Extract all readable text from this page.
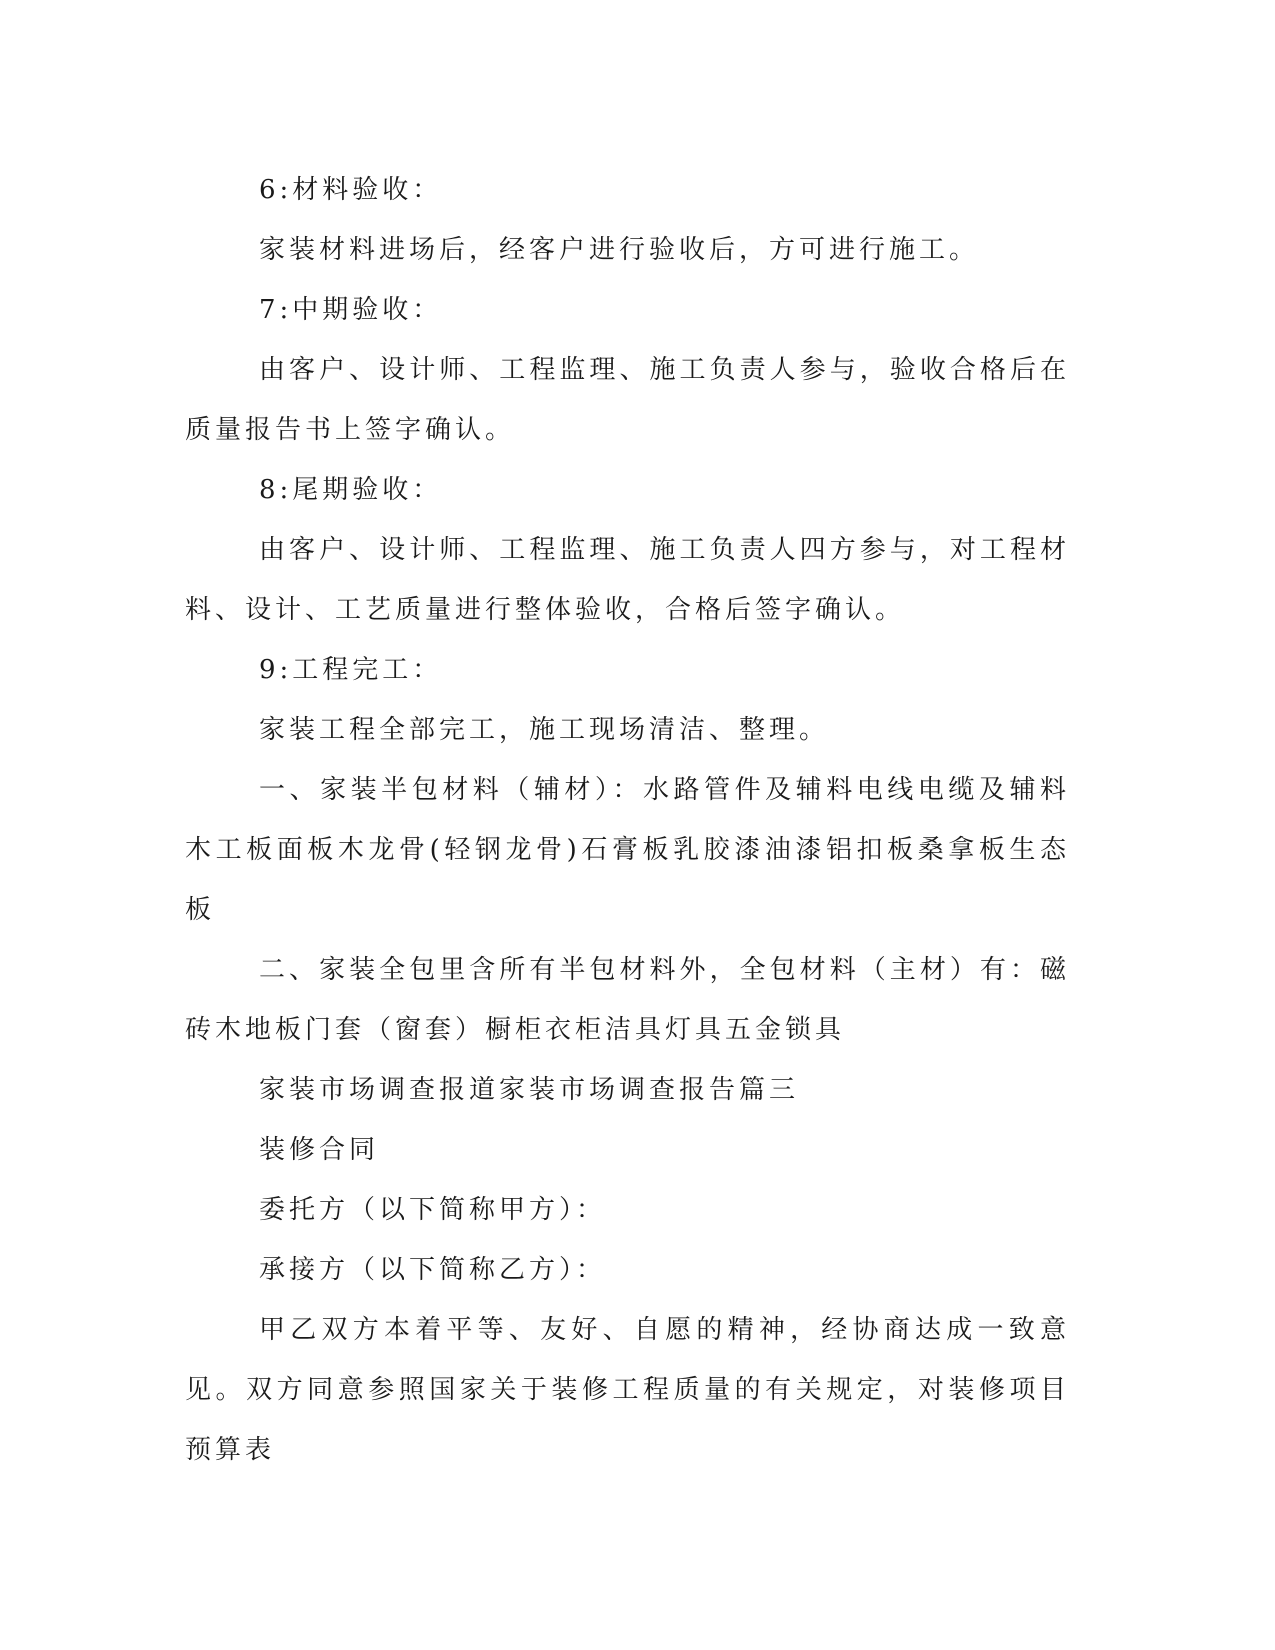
6:材料验收：

家装材料进场后，经客户进行验收后，方可进行施工。

7:中期验收：

由客户、设计师、工程监理、施工负责人参与，验收合格后在质量报告书上签字确认。

8:尾期验收：

由客户、设计师、工程监理、施工负责人四方参与，对工程材料、设计、工艺质量进行整体验收，合格后签字确认。

9:工程完工：

家装工程全部完工，施工现场清洁、整理。

一、家装半包材料（辅材）：水路管件及辅料电线电缆及辅料木工板面板木龙骨(轻钢龙骨)石膏板乳胶漆油漆铝扣板桑拿板生态板

二、家装全包里含所有半包材料外，全包材料（主材）有：磁砖木地板门套（窗套）橱柜衣柜洁具灯具五金锁具

家装市场调查报道家装市场调查报告篇三

装修合同

委托方（以下简称甲方）：

承接方（以下简称乙方）：

甲乙双方本着平等、友好、自愿的精神，经协商达成一致意见。双方同意参照国家关于装修工程质量的有关规定，对装修项目预算表
